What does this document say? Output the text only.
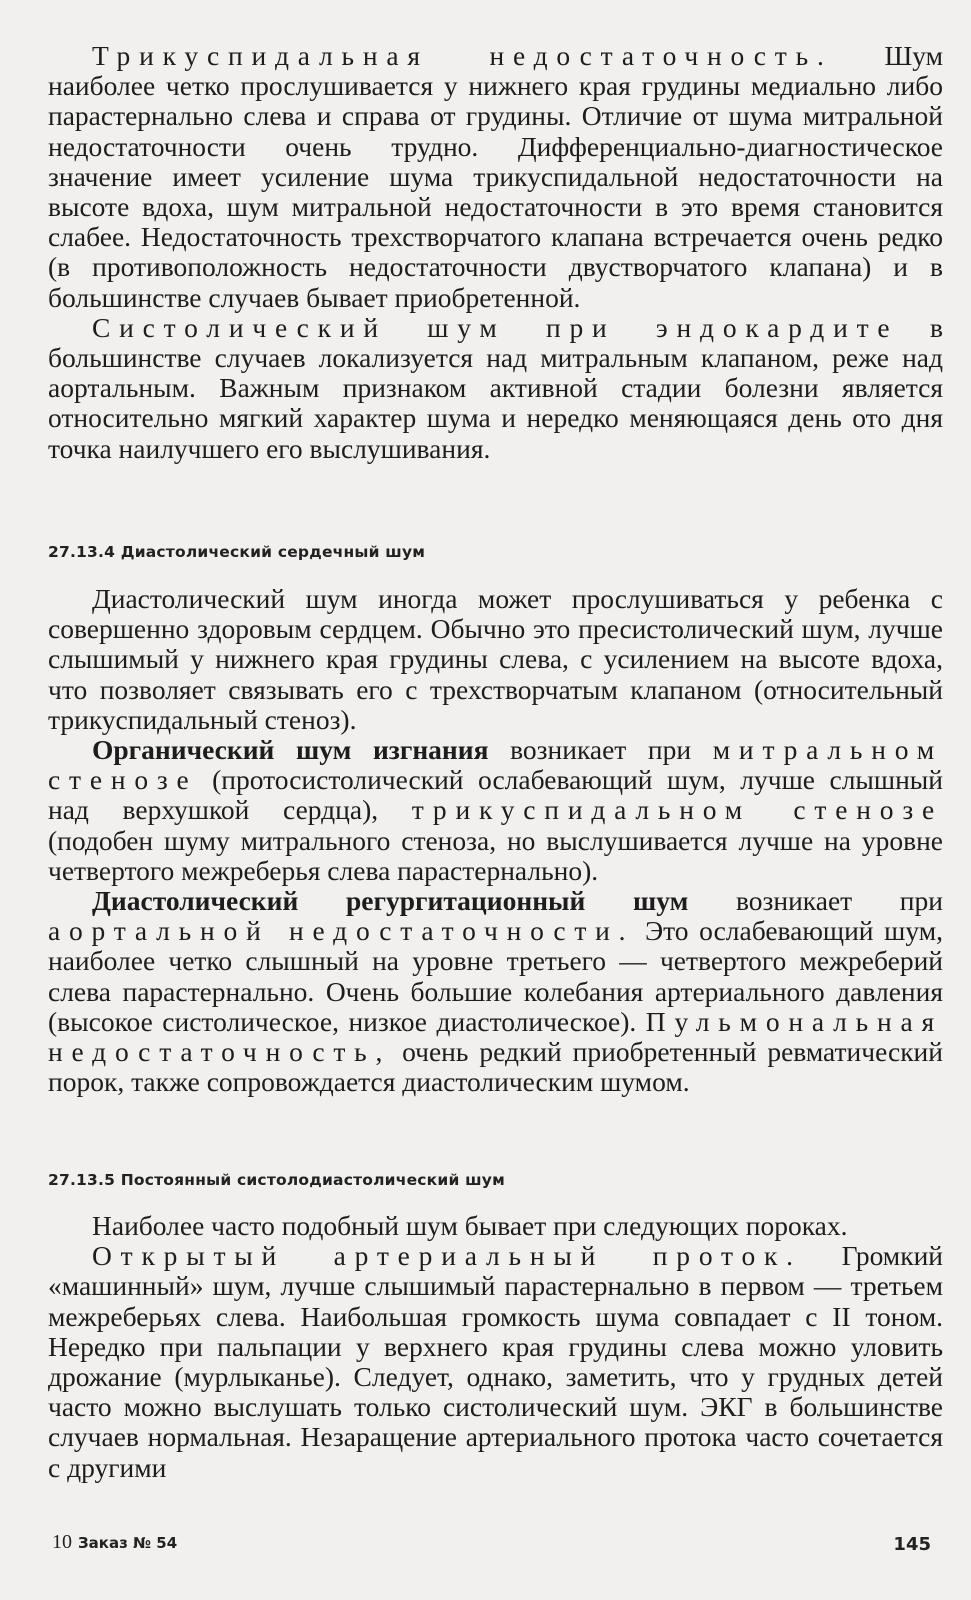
Трикуспидальная недостаточность. Шум наиболее четко прослушивается у нижнего края грудины медиально либо парастернально слева и справа от грудины. Отличие от шума митральной недостаточности очень трудно. Дифференциально-диагностическое значение имеет усиление шума трикуспидальной недостаточности на высоте вдоха, шум митральной недостаточности в это время становится слабее. Недостаточность трехстворчатого клапана встречается очень редко (в противоположность недостаточности двустворчатого клапана) и в большинстве случаев бывает приобретенной.

Систолический шум при эндокардите в большинстве случаев локализуется над митральным клапаном, реже над аортальным. Важным признаком активной стадии болезни является относительно мягкий характер шума и нередко меняющаяся день ото дня точка наилучшего его выслушивания.

27.13.4 Диастолический сердечный шум

Диастолический шум иногда может прослушиваться у ребенка с совершенно здоровым сердцем. Обычно это пресистолический шум, лучше слышимый у нижнего края грудины слева, с усилением на высоте вдоха, что позволяет связывать его с трехстворчатым клапаном (относительный трикуспидальный стеноз).

Органический шум изгнания возникает при митральном стенозе (протосистолический ослабевающий шум, лучше слышный над верхушкой сердца), трикуспидальном стенозе (подобен шуму митрального стеноза, но выслушивается лучше на уровне четвертого межреберья слева парастернально).

Диастолический регургитационный шум возникает при аортальной недостаточности. Это ослабевающий шум, наиболее четко слышный на уровне третьего — четвертого межреберий слева парастернально. Очень большие колебания артериального давления (высокое систолическое, низкое диастолическое). Пульмональная недостаточность, очень редкий приобретенный ревматический порок, также сопровождается диастолическим шумом.

27.13.5 Постоянный систолодиастолический шум

Наиболее часто подобный шум бывает при следующих пороках.

Открытый артериальный проток. Громкий «машинный» шум, лучше слышимый парастернально в первом — третьем межреберьях слева. Наибольшая громкость шума совпадает с II тоном. Нередко при пальпации у верхнего края грудины слева можно уловить дрожание (мурлыканье). Следует, однако, заметить, что у грудных детей часто можно выслушать только систолический шум. ЭКГ в большинстве случаев нормальная. Незаращение артериального протока часто сочетается с другими

10 Заказ № 54	145
